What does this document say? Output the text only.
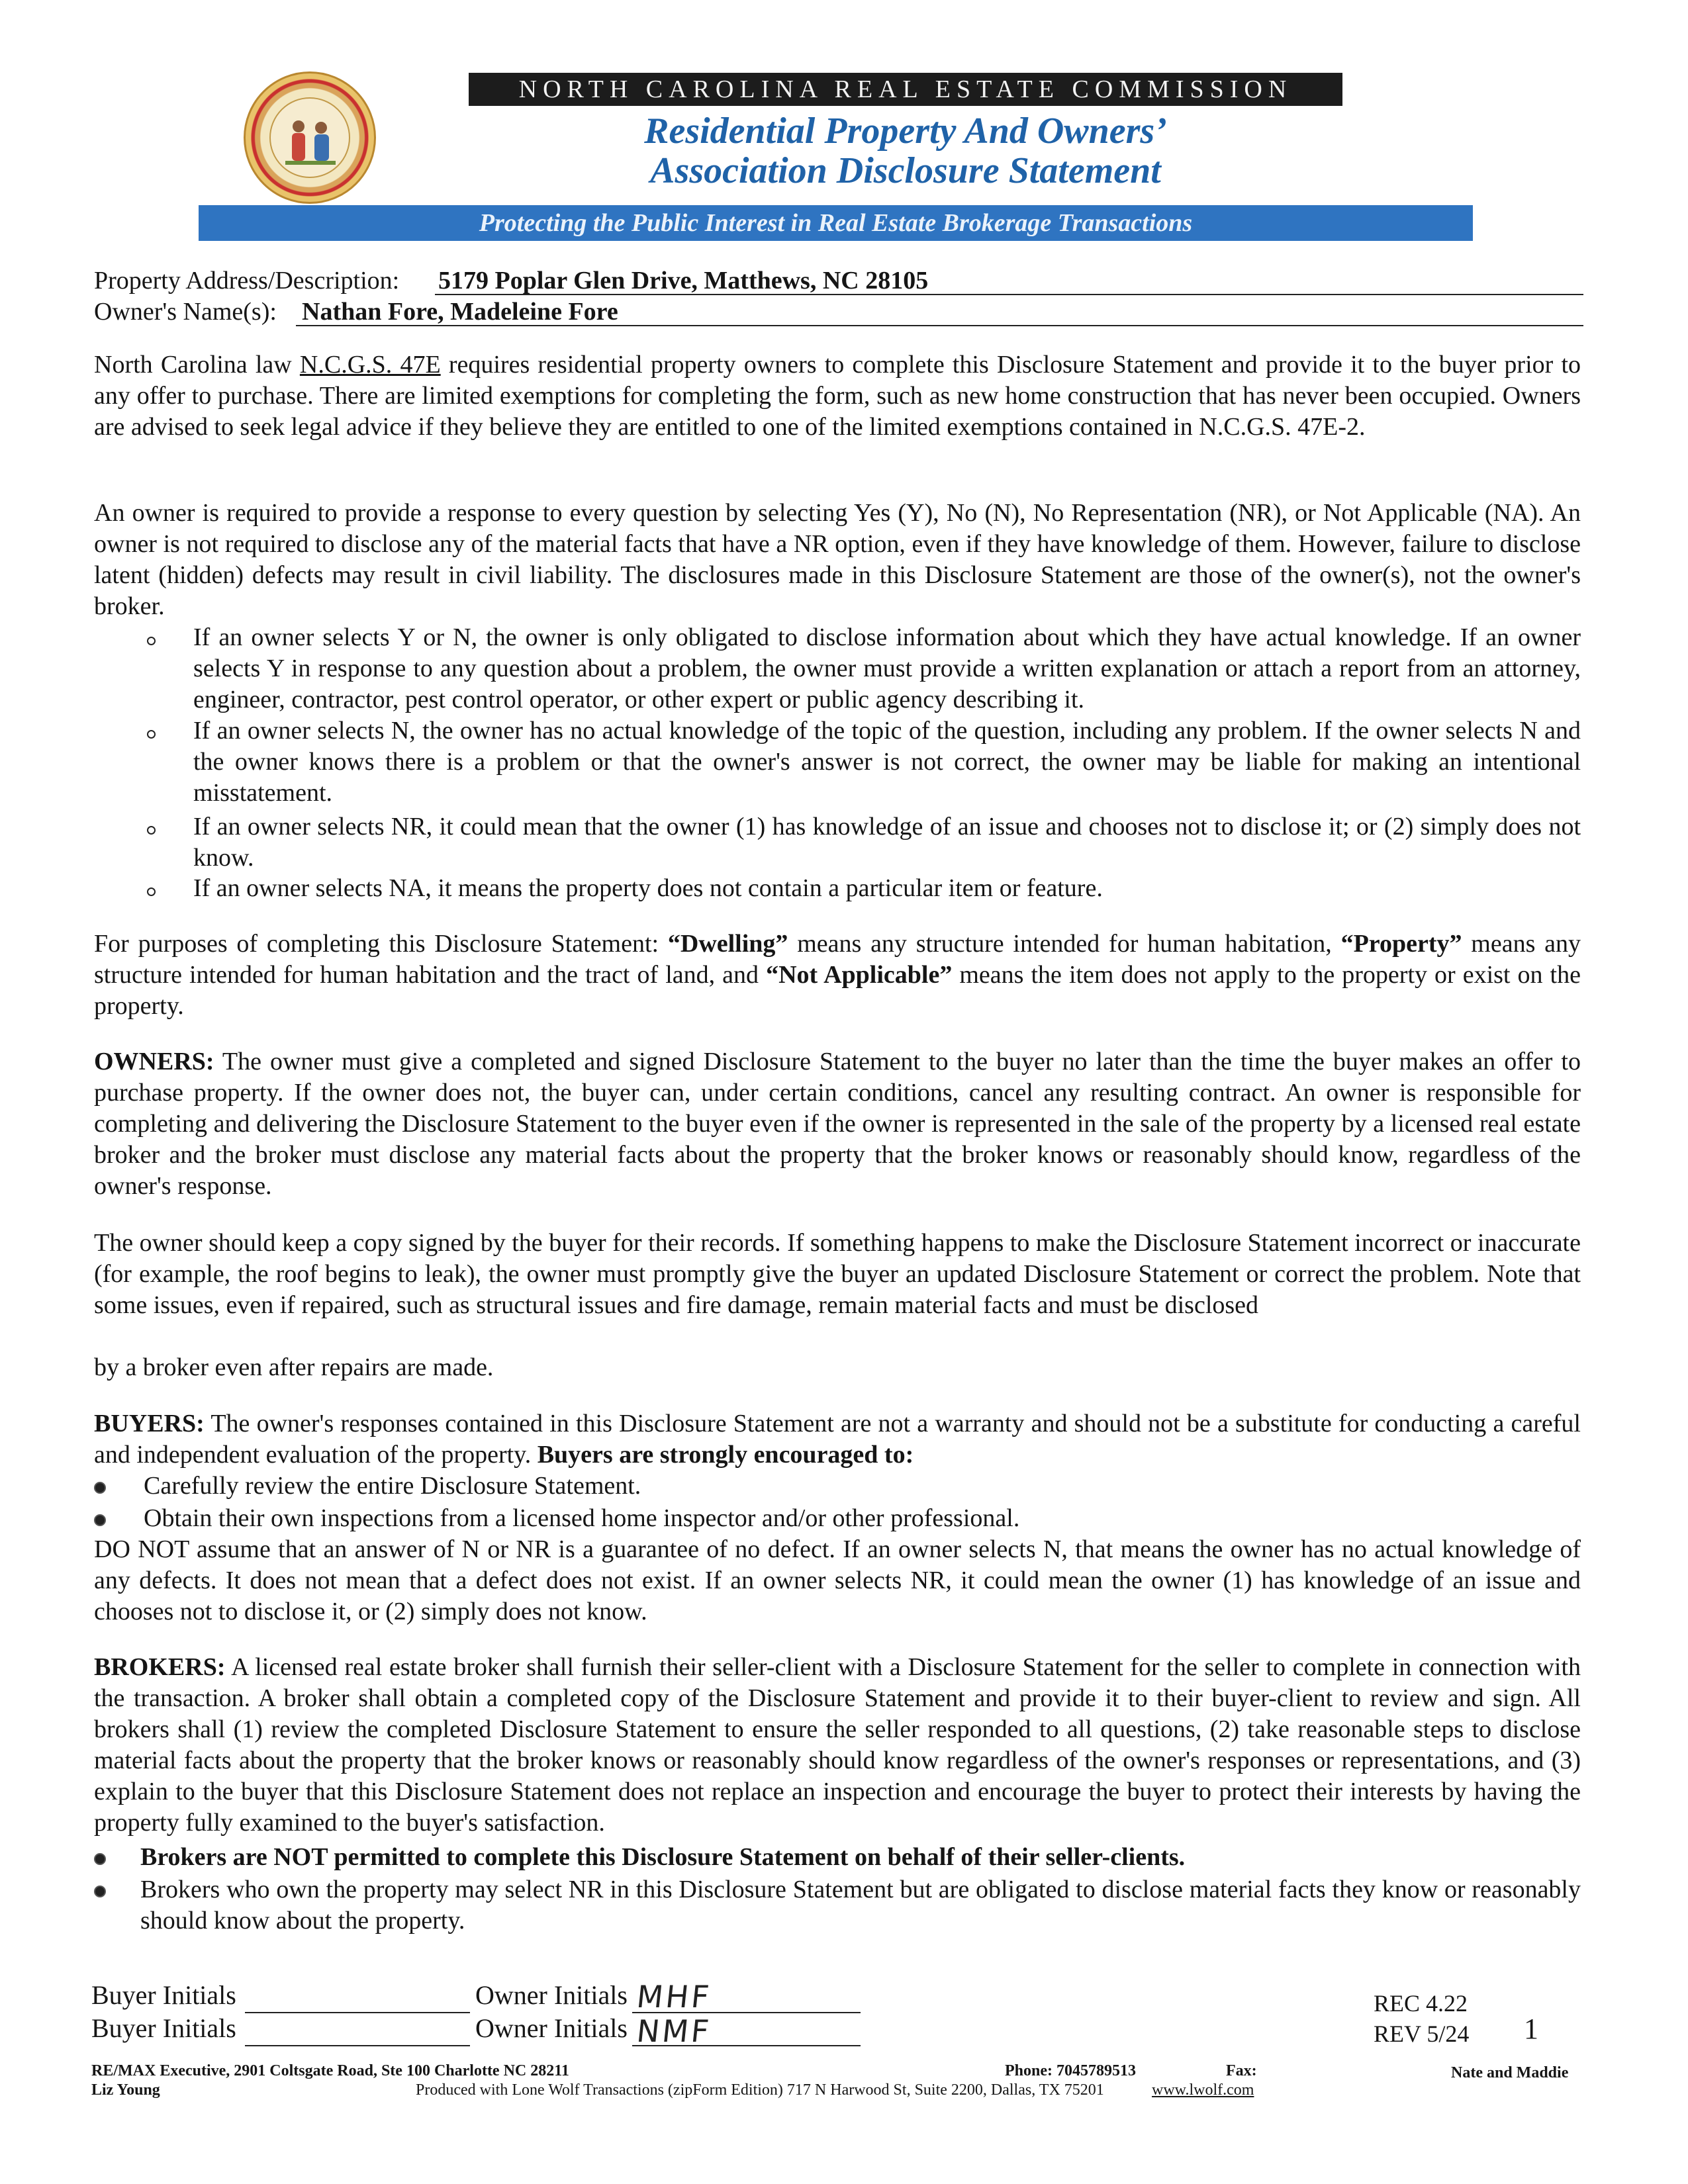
NORTH CAROLINA REAL ESTATE COMMISSION
Residential Property And Owners’
Association Disclosure Statement
Protecting the Public Interest in Real Estate Brokerage Transactions
Property Address/Description: 5179 Poplar Glen Drive, Matthews, NC 28105
Owner's Name(s): Nathan Fore, Madeleine Fore

North Carolina law N.C.G.S. 47E requires residential property owners to complete this Disclosure Statement and provide it to the buyer prior to any offer to purchase. There are limited exemptions for completing the form, such as new home construction that has never been occupied. Owners are advised to seek legal advice if they believe they are entitled to one of the limited exemptions contained in N.C.G.S. 47E-2.

An owner is required to provide a response to every question by selecting Yes (Y), No (N), No Representation (NR), or Not Applicable (NA). An owner is not required to disclose any of the material facts that have a NR option, even if they have knowledge of them. However, failure to disclose latent (hidden) defects may result in civil liability. The disclosures made in this Disclosure Statement are those of the owner(s), not the owner's broker.

If an owner selects Y or N, the owner is only obligated to disclose information about which they have actual knowledge. If an owner selects Y in response to any question about a problem, the owner must provide a written explanation or attach a report from an attorney, engineer, contractor, pest control operator, or other expert or public agency describing it.
If an owner selects N, the owner has no actual knowledge of the topic of the question, including any problem. If the owner selects N and the owner knows there is a problem or that the owner's answer is not correct, the owner may be liable for making an intentional misstatement.
If an owner selects NR, it could mean that the owner (1) has knowledge of an issue and chooses not to disclose it; or (2) simply does not know.
If an owner selects NA, it means the property does not contain a particular item or feature.

For purposes of completing this Disclosure Statement: “Dwelling” means any structure intended for human habitation, “Property” means any structure intended for human habitation and the tract of land, and “Not Applicable” means the item does not apply to the property or exist on the property.

OWNERS: The owner must give a completed and signed Disclosure Statement to the buyer no later than the time the buyer makes an offer to purchase property. If the owner does not, the buyer can, under certain conditions, cancel any resulting contract. An owner is responsible for completing and delivering the Disclosure Statement to the buyer even if the owner is represented in the sale of the property by a licensed real estate broker and the broker must disclose any material facts about the property that the broker knows or reasonably should know, regardless of the owner's response.

The owner should keep a copy signed by the buyer for their records. If something happens to make the Disclosure Statement incorrect or inaccurate (for example, the roof begins to leak), the owner must promptly give the buyer an updated Disclosure Statement or correct the problem. Note that some issues, even if repaired, such as structural issues and fire damage, remain material facts and must be disclosed

by a broker even after repairs are made.

BUYERS: The owner's responses contained in this Disclosure Statement are not a warranty and should not be a substitute for conducting a careful and independent evaluation of the property. Buyers are strongly encouraged to:

Carefully review the entire Disclosure Statement.
Obtain their own inspections from a licensed home inspector and/or other professional.

DO NOT assume that an answer of N or NR is a guarantee of no defect. If an owner selects N, that means the owner has no actual knowledge of any defects. It does not mean that a defect does not exist. If an owner selects NR, it could mean the owner (1) has knowledge of an issue and chooses not to disclose it, or (2) simply does not know.

BROKERS: A licensed real estate broker shall furnish their seller-client with a Disclosure Statement for the seller to complete in connection with the transaction. A broker shall obtain a completed copy of the Disclosure Statement and provide it to their buyer-client to review and sign. All brokers shall (1) review the completed Disclosure Statement to ensure the seller responded to all questions, (2) take reasonable steps to disclose material facts about the property that the broker knows or reasonably should know regardless of the owner's responses or representations, and (3) explain to the buyer that this Disclosure Statement does not replace an inspection and encourage the buyer to protect their interests by having the property fully examined to the buyer's satisfaction.

Brokers are NOT permitted to complete this Disclosure Statement on behalf of their seller-clients.
Brokers who own the property may select NR in this Disclosure Statement but are obligated to disclose material facts they know or reasonably should know about the property.
Buyer Initials	Owner Initials MHF
Buyer Initials	Owner Initials NMF
REC 4.22
REV 5/24 1
RE/MAX Executive, 2901 Coltsgate Road, Ste 100 Charlotte NC 28211
Liz Young
Phone: 7045789513	Fax:	Nate and Maddie
Produced with Lone Wolf Transactions (zipForm Edition) 717 N Harwood St, Suite 2200, Dallas, TX 75201	www.lwolf.com
